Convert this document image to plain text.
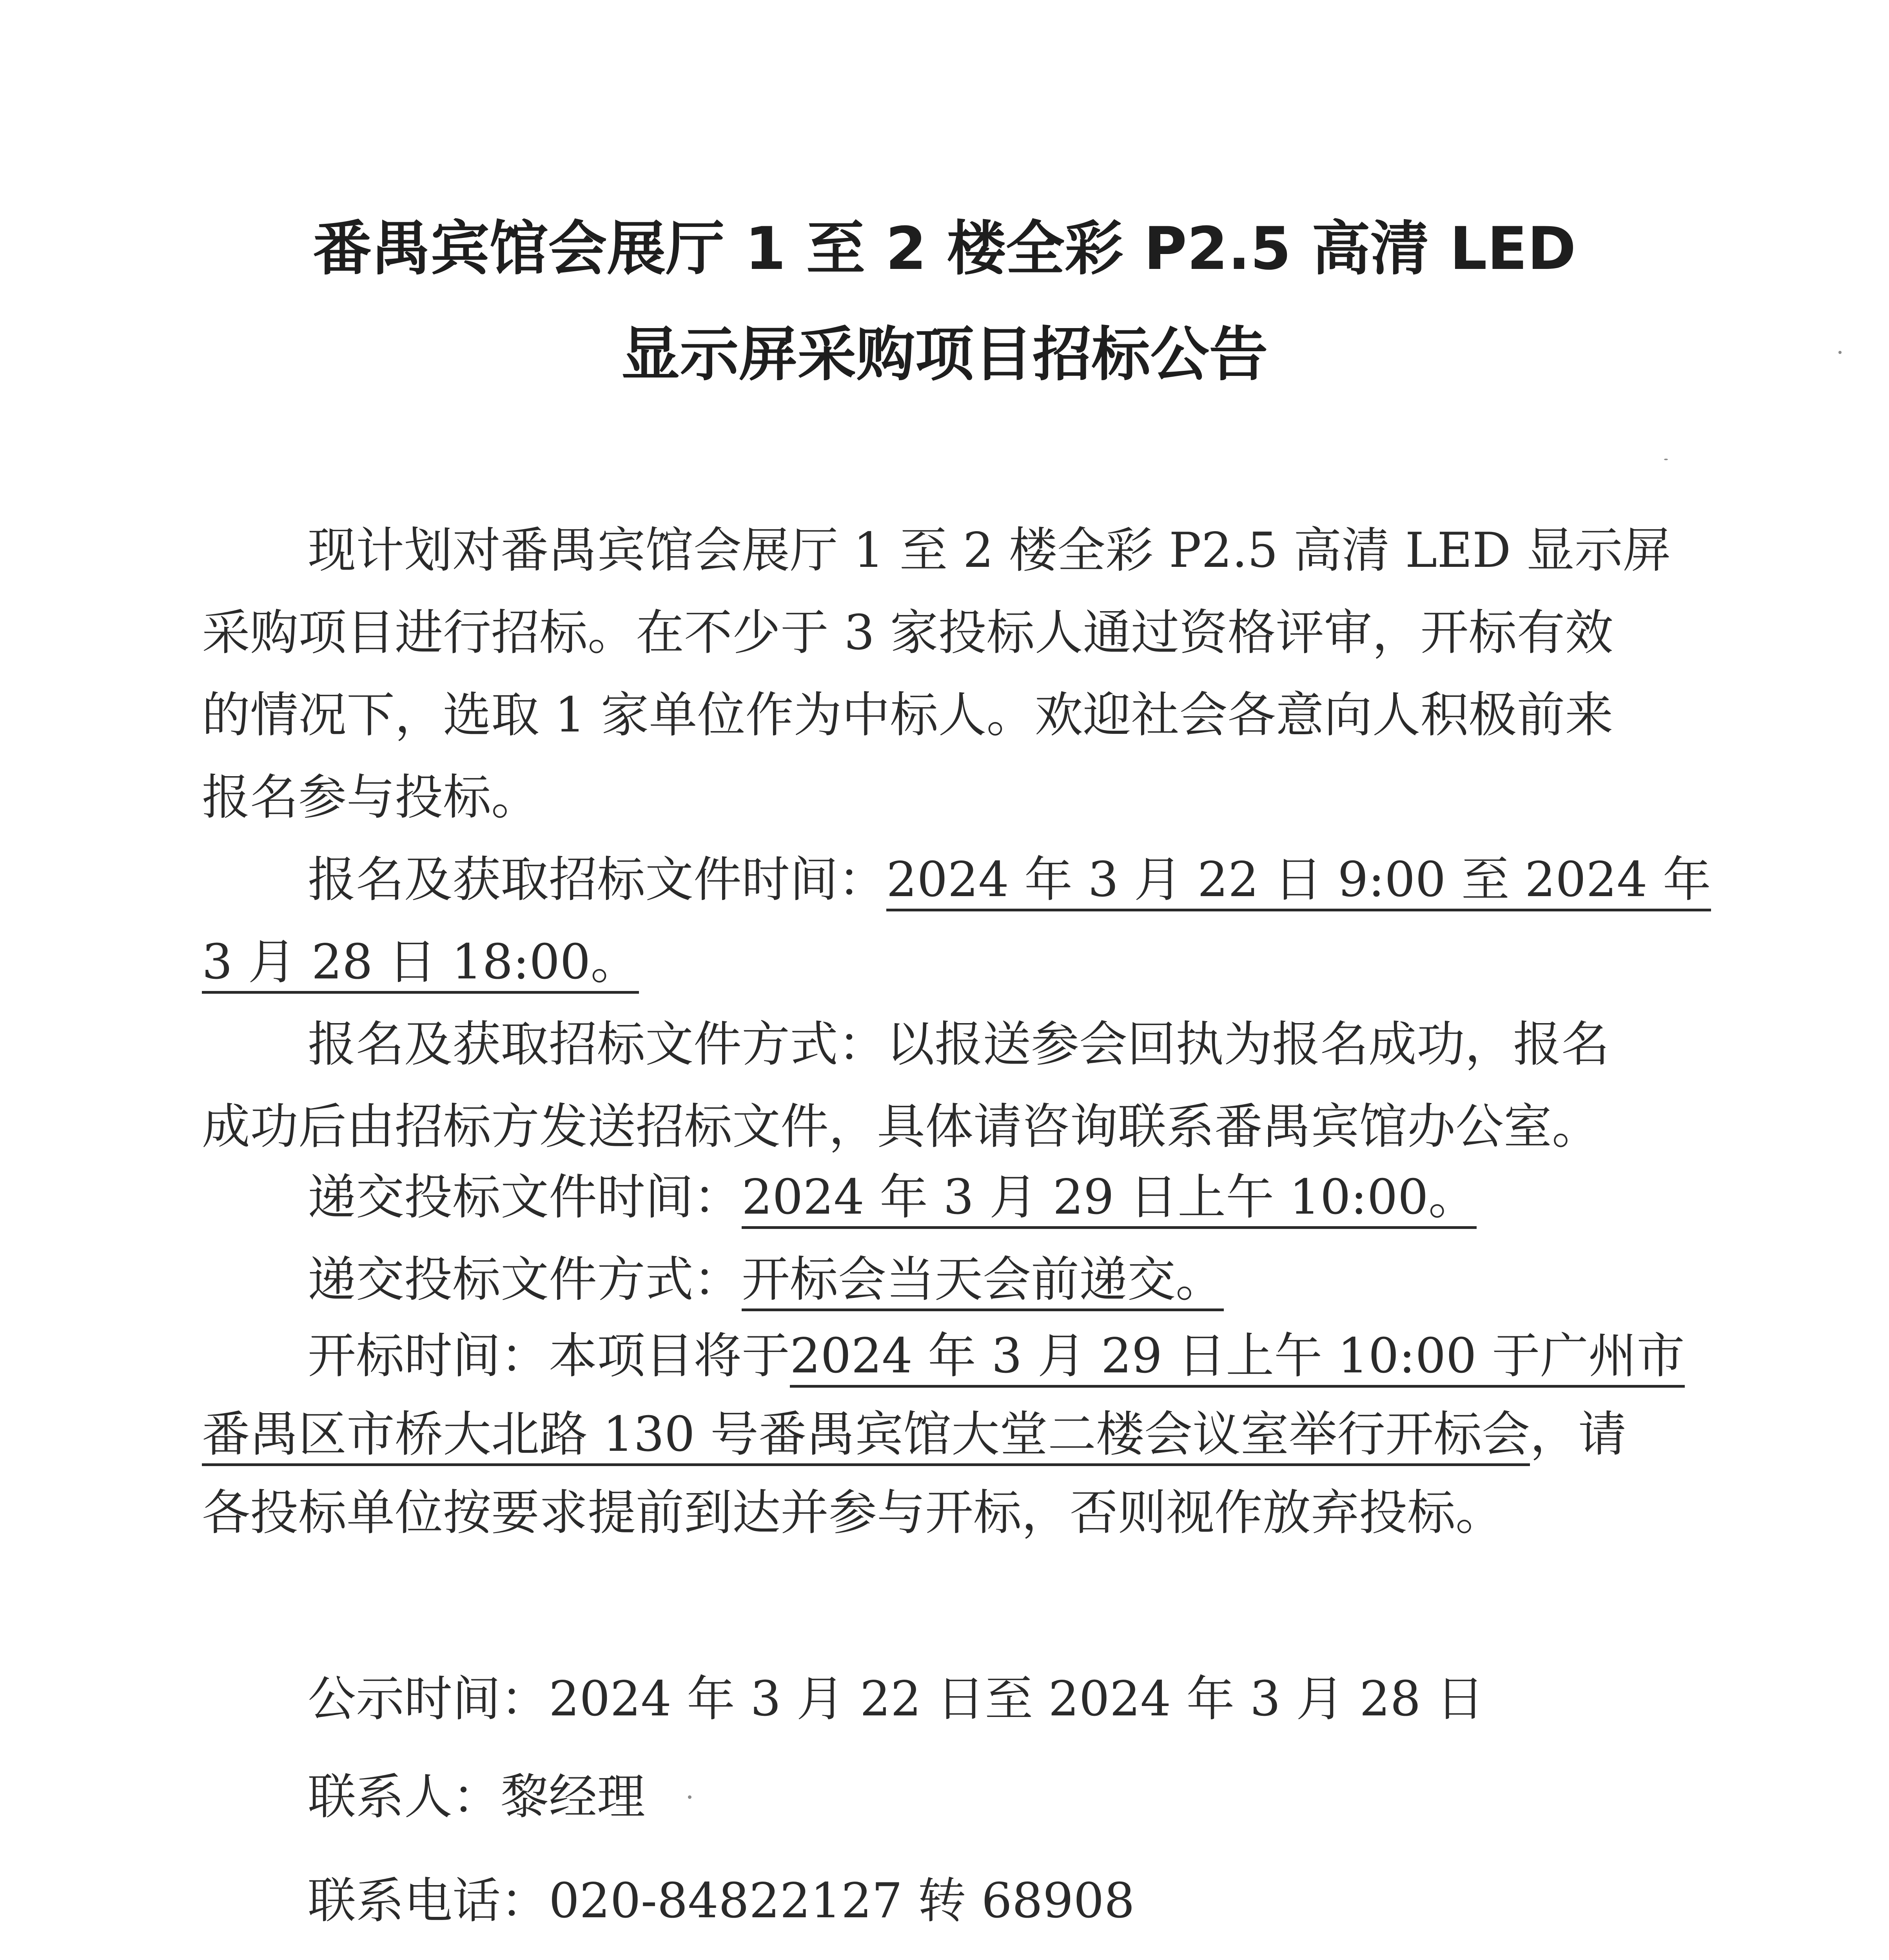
番禺宾馆会展厅 1 至 2 楼全彩 P2.5 高清 LED
显示屏采购项目招标公告
现计划对番禺宾馆会展厅 1 至 2 楼全彩 P2.5 高清 LED 显示屏
采购项目进行招标。在不少于 3 家投标人通过资格评审，开标有效
的情况下，选取 1 家单位作为中标人。欢迎社会各意向人积极前来
报名参与投标。
报名及获取招标文件时间：2024 年 3 月 22 日 9:00 至 2024 年
3 月 28 日 18:00。
报名及获取招标文件方式：以报送参会回执为报名成功，报名
成功后由招标方发送招标文件，具体请咨询联系番禺宾馆办公室。
递交投标文件时间：2024 年 3 月 29 日上午 10:00。
递交投标文件方式：开标会当天会前递交。
开标时间：本项目将于2024 年 3 月 29 日上午 10:00 于广州市
番禺区市桥大北路 130 号番禺宾馆大堂二楼会议室举行开标会，请
各投标单位按要求提前到达并参与开标，否则视作放弃投标。
公示时间：2024 年 3 月 22 日至 2024 年 3 月 28 日
联系人：黎经理
联系电话：020-84822127 转 68908
